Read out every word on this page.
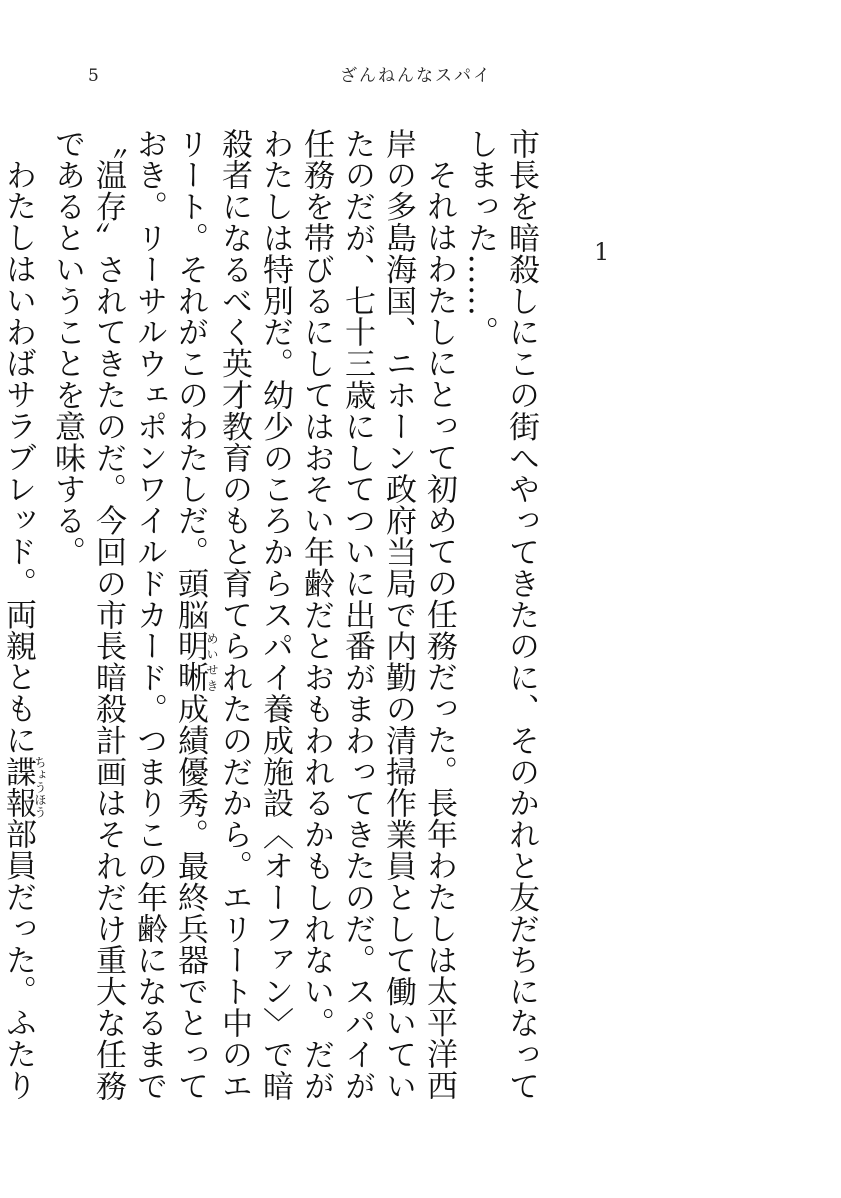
5	ざんねんなスパイ
1

市長を暗殺しにこの街へやってきたのに、そのかれと友だちになってしまった……。

それはわたしにとって初めての任務だった。長年わたしは太平洋西岸の多島海国、ニホーン政府当局で内勤の清掃作業員として働いていたのだが、七十三歳にしてついに出番がまわってきたのだ。スパイが任務を帯びるにしてはおそい年齢だとおもわれるかもしれない。だがわたしは特別だ。幼少のころからスパイ養成施設〈オーファン〉で暗殺者になるべく英才教育のもと育てられたのだから。エリート中のエリート。それがこのわたしだ。頭脳明晰めいせき成績優秀。最終兵器でとっておき。リーサルウェポンワイルドカード。つまりこの年齢になるまで〝温存〟されてきたのだ。今回の市長暗殺計画はそれだけ重大な任務であるということを意味する。

わたしはいわばサラブレッド。両親ともに諜報ちょうほう部員だった。ふたり
